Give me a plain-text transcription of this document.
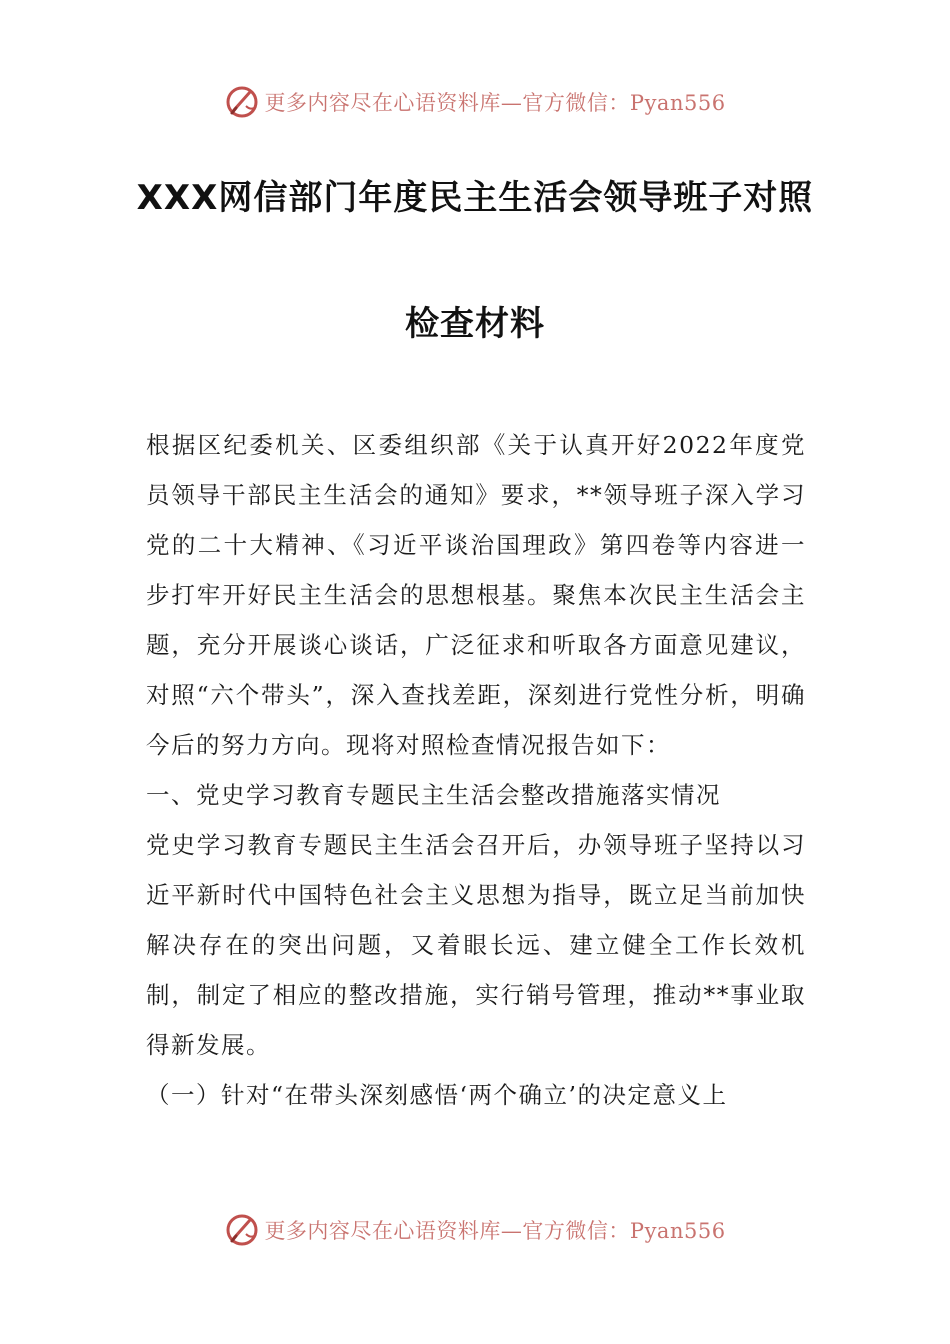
更多内容尽在心语资料库—官方微信：Pyan556
XXX网信部门年度民主生活会领导班子对照
检查材料

根据区纪委机关、区委组织部《关于认真开好2022年度党员领导干部民主生活会的通知》要求，**领导班子深入学习党的二十大精神、《习近平谈治国理政》第四卷等内容进一步打牢开好民主生活会的思想根基。聚焦本次民主生活会主题，充分开展谈心谈话，广泛征求和听取各方面意见建议，对照“六个带头”，深入查找差距，深刻进行党性分析，明确今后的努力方向。现将对照检查情况报告如下：

一、党史学习教育专题民主生活会整改措施落实情况

党史学习教育专题民主生活会召开后，办领导班子坚持以习近平新时代中国特色社会主义思想为指导，既立足当前加快解决存在的突出问题，又着眼长远、建立健全工作长效机制，制定了相应的整改措施，实行销号管理，推动**事业取得新发展。

（一）针对“在带头深刻感悟‘两个确立’的决定意义上

更多内容尽在心语资料库—官方微信：Pyan556
